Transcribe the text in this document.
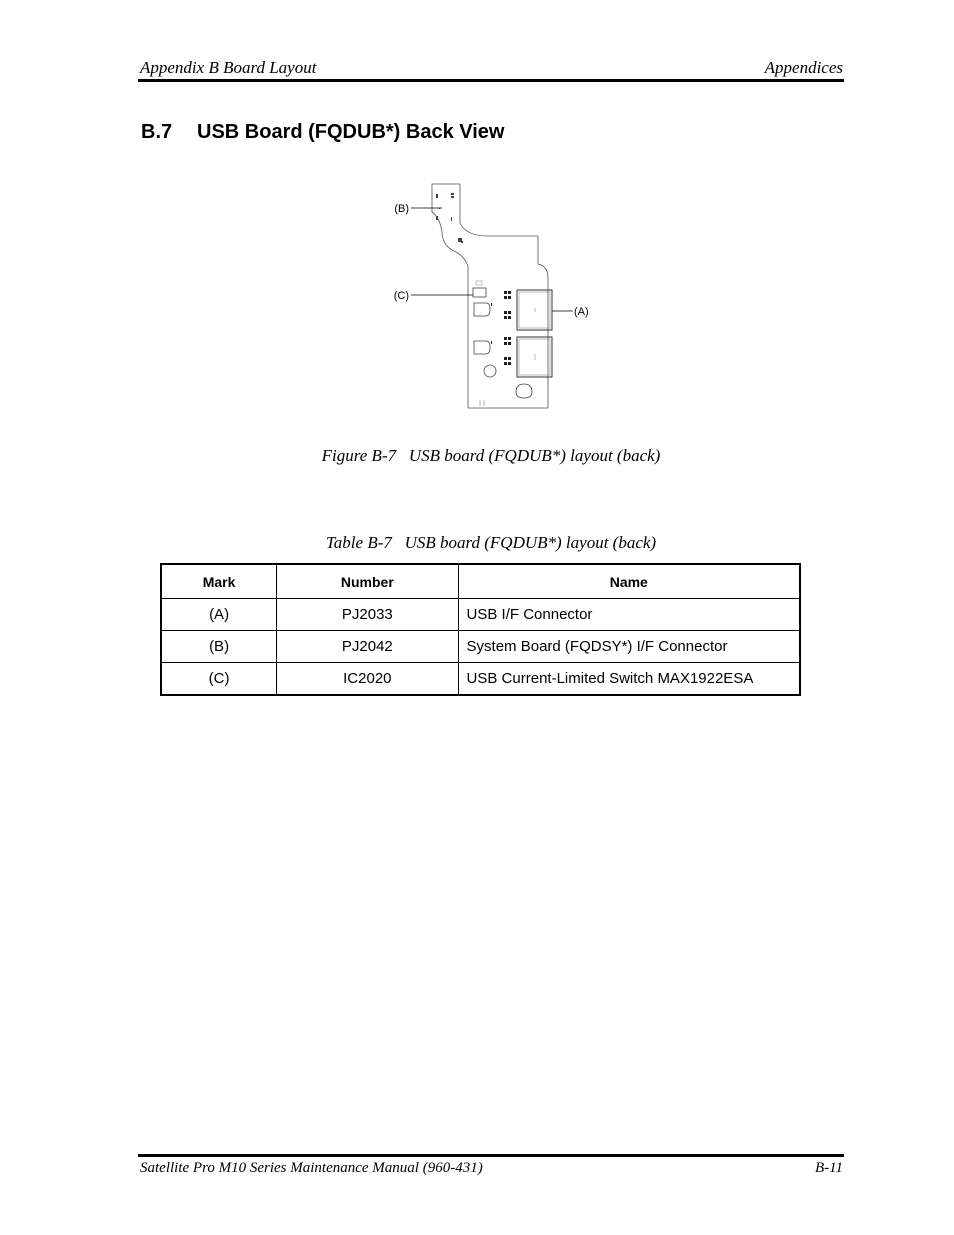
Appendix B Board Layout	Appendices
B.7 USB Board (FQDUB*) Back View
(B)
(C)
(A)
Figure B-7   USB board (FQDUB*) layout (back)
Table B-7   USB board (FQDUB*) layout (back)
Mark	Number	Name
(A)	PJ2033	USB I/F Connector
(B)	PJ2042	System Board (FQDSY*) I/F Connector
(C)	IC2020	USB Current-Limited Switch MAX1922ESA
Satellite Pro M10 Series Maintenance Manual (960-431)	B-11
